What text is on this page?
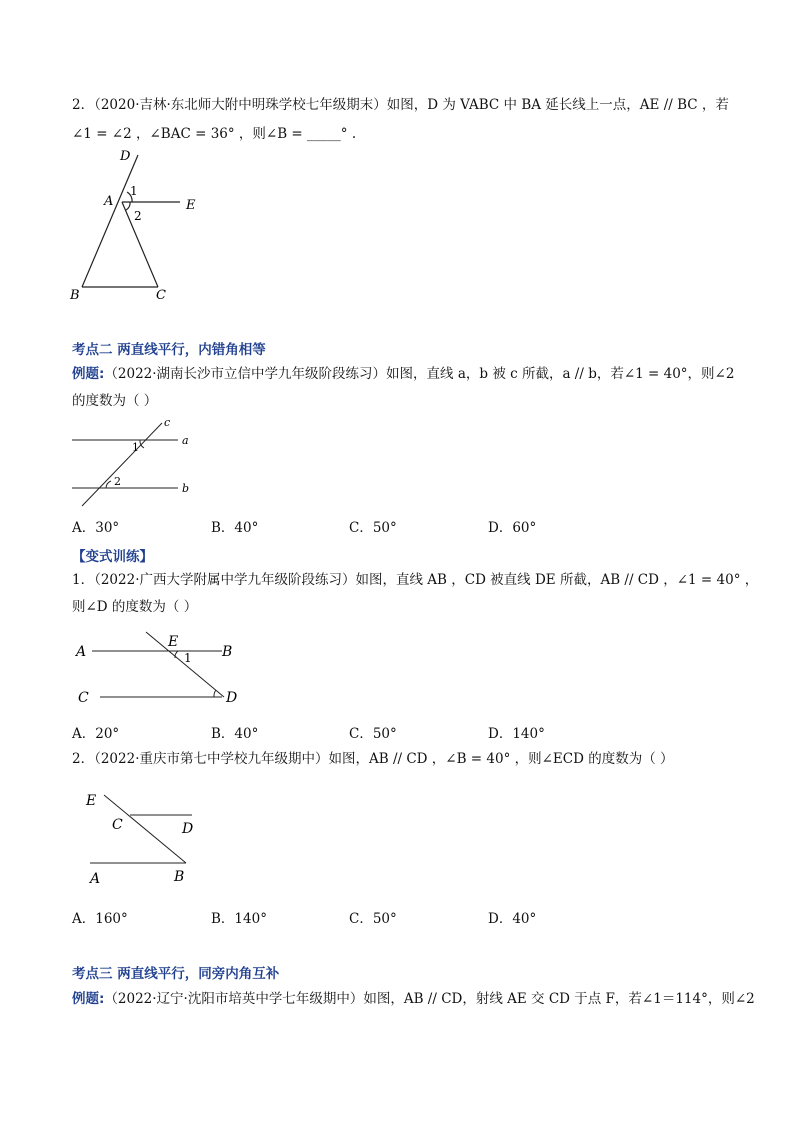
2．（2020·吉林·东北师大附中明珠学校七年级期末）如图，D 为 VABC 中 BA 延长线上一点，AE // BC ，若
∠1 = ∠2 ，∠BAC = 36° ，则∠B = _____° .
D
A	E
B	C
1
2
考点二 两直线平行，内错角相等
例题:（2022·湖南长沙市立信中学九年级阶段练习）如图，直线 a，b 被 c 所截，a // b，若∠1 = 40°，则∠2
的度数为（ ）
c
a
b
1
2
A．30°	B．40°	C．50°	D．60°
【变式训练】
1．（2022·广西大学附属中学九年级阶段练习）如图，直线 AB ，CD 被直线 DE 所截，AB // CD ，∠1 = 40° ，
则∠D 的度数为（ ）
A
E
B
1
C	D
A．20°	B．40°	C．50°	D．140°
2．（2022·重庆市第七中学校九年级期中）如图，AB // CD ，∠B = 40° ，则∠ECD 的度数为（ ）
E
C	D
A	B
A．160°	B．140°	C．50°	D．40°
考点三 两直线平行，同旁内角互补
例题:（2022·辽宁·沈阳市培英中学七年级期中）如图，AB // CD，射线 AE 交 CD 于点 F，若∠1＝114°，则∠2
